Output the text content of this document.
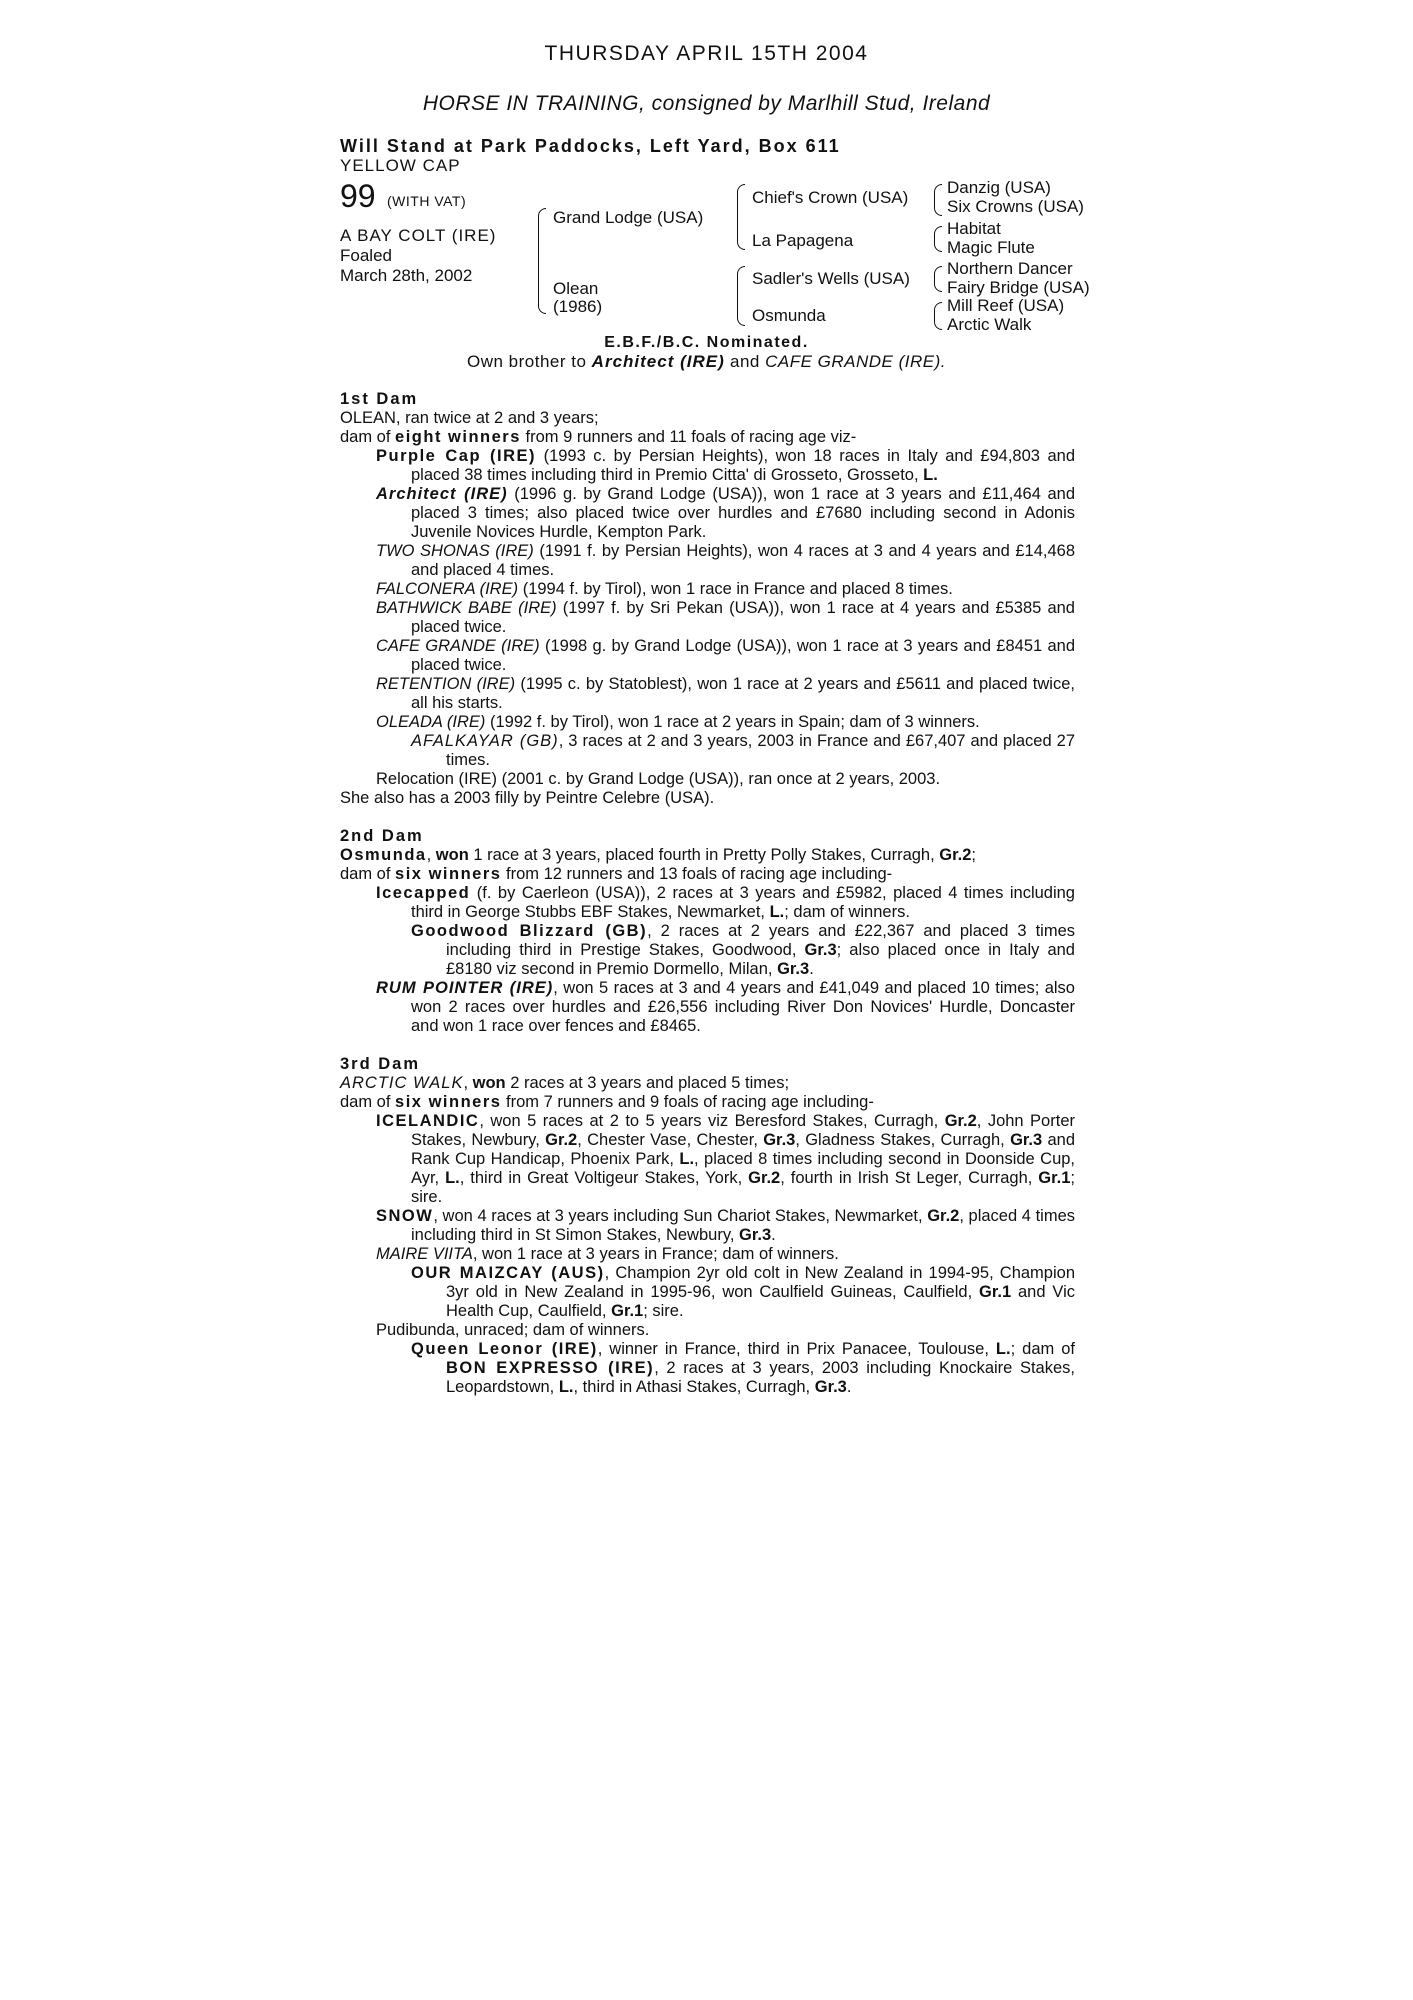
THURSDAY APRIL 15TH 2004
HORSE IN TRAINING, consigned by Marlhill Stud, Ireland
Will Stand at Park Paddocks, Left Yard, Box 611
YELLOW CAP
99 (WITH VAT)
A BAY COLT (IRE)
Foaled
March 28th, 2002
Grand Lodge (USA)
Olean
(1986)
Chief's Crown (USA)
La Papagena
Sadler's Wells (USA)
Osmunda
Danzig (USA)
Six Crowns (USA)
Habitat
Magic Flute
Northern Dancer
Fairy Bridge (USA)
Mill Reef (USA)
Arctic Walk
E.B.F./B.C. Nominated.
Own brother to Architect (IRE) and CAFE GRANDE (IRE).
1st Dam
OLEAN, ran twice at 2 and 3 years;
dam of eight winners from 9 runners and 11 foals of racing age viz-
Purple Cap (IRE) (1993 c. by Persian Heights), won 18 races in Italy and £94,803 and placed 38 times including third in Premio Citta' di Grosseto, Grosseto, L.
Architect (IRE) (1996 g. by Grand Lodge (USA)), won 1 race at 3 years and £11,464 and placed 3 times; also placed twice over hurdles and £7680 including second in Adonis Juvenile Novices Hurdle, Kempton Park.
TWO SHONAS (IRE) (1991 f. by Persian Heights), won 4 races at 3 and 4 years and £14,468 and placed 4 times.
FALCONERA (IRE) (1994 f. by Tirol), won 1 race in France and placed 8 times.
BATHWICK BABE (IRE) (1997 f. by Sri Pekan (USA)), won 1 race at 4 years and £5385 and placed twice.
CAFE GRANDE (IRE) (1998 g. by Grand Lodge (USA)), won 1 race at 3 years and £8451 and placed twice.
RETENTION (IRE) (1995 c. by Statoblest), won 1 race at 2 years and £5611 and placed twice, all his starts.
OLEADA (IRE) (1992 f. by Tirol), won 1 race at 2 years in Spain; dam of 3 winners.
AFALKAYAR (GB), 3 races at 2 and 3 years, 2003 in France and £67,407 and placed 27 times.
Relocation (IRE) (2001 c. by Grand Lodge (USA)), ran once at 2 years, 2003.
She also has a 2003 filly by Peintre Celebre (USA).
2nd Dam
Osmunda, won 1 race at 3 years, placed fourth in Pretty Polly Stakes, Curragh, Gr.2;
dam of six winners from 12 runners and 13 foals of racing age including-
Icecapped (f. by Caerleon (USA)), 2 races at 3 years and £5982, placed 4 times including third in George Stubbs EBF Stakes, Newmarket, L.; dam of winners.
Goodwood Blizzard (GB), 2 races at 2 years and £22,367 and placed 3 times including third in Prestige Stakes, Goodwood, Gr.3; also placed once in Italy and £8180 viz second in Premio Dormello, Milan, Gr.3.
RUM POINTER (IRE), won 5 races at 3 and 4 years and £41,049 and placed 10 times; also won 2 races over hurdles and £26,556 including River Don Novices' Hurdle, Doncaster and won 1 race over fences and £8465.
3rd Dam
ARCTIC WALK, won 2 races at 3 years and placed 5 times;
dam of six winners from 7 runners and 9 foals of racing age including-
ICELANDIC, won 5 races at 2 to 5 years viz Beresford Stakes, Curragh, Gr.2, John Porter Stakes, Newbury, Gr.2, Chester Vase, Chester, Gr.3, Gladness Stakes, Curragh, Gr.3 and Rank Cup Handicap, Phoenix Park, L., placed 8 times including second in Doonside Cup, Ayr, L., third in Great Voltigeur Stakes, York, Gr.2, fourth in Irish St Leger, Curragh, Gr.1; sire.
SNOW, won 4 races at 3 years including Sun Chariot Stakes, Newmarket, Gr.2, placed 4 times including third in St Simon Stakes, Newbury, Gr.3.
MAIRE VIITA, won 1 race at 3 years in France; dam of winners.
OUR MAIZCAY (AUS), Champion 2yr old colt in New Zealand in 1994-95, Champion 3yr old in New Zealand in 1995-96, won Caulfield Guineas, Caulfield, Gr.1 and Vic Health Cup, Caulfield, Gr.1; sire.
Pudibunda, unraced; dam of winners.
Queen Leonor (IRE), winner in France, third in Prix Panacee, Toulouse, L.; dam of BON EXPRESSO (IRE), 2 races at 3 years, 2003 including Knockaire Stakes, Leopardstown, L., third in Athasi Stakes, Curragh, Gr.3.
